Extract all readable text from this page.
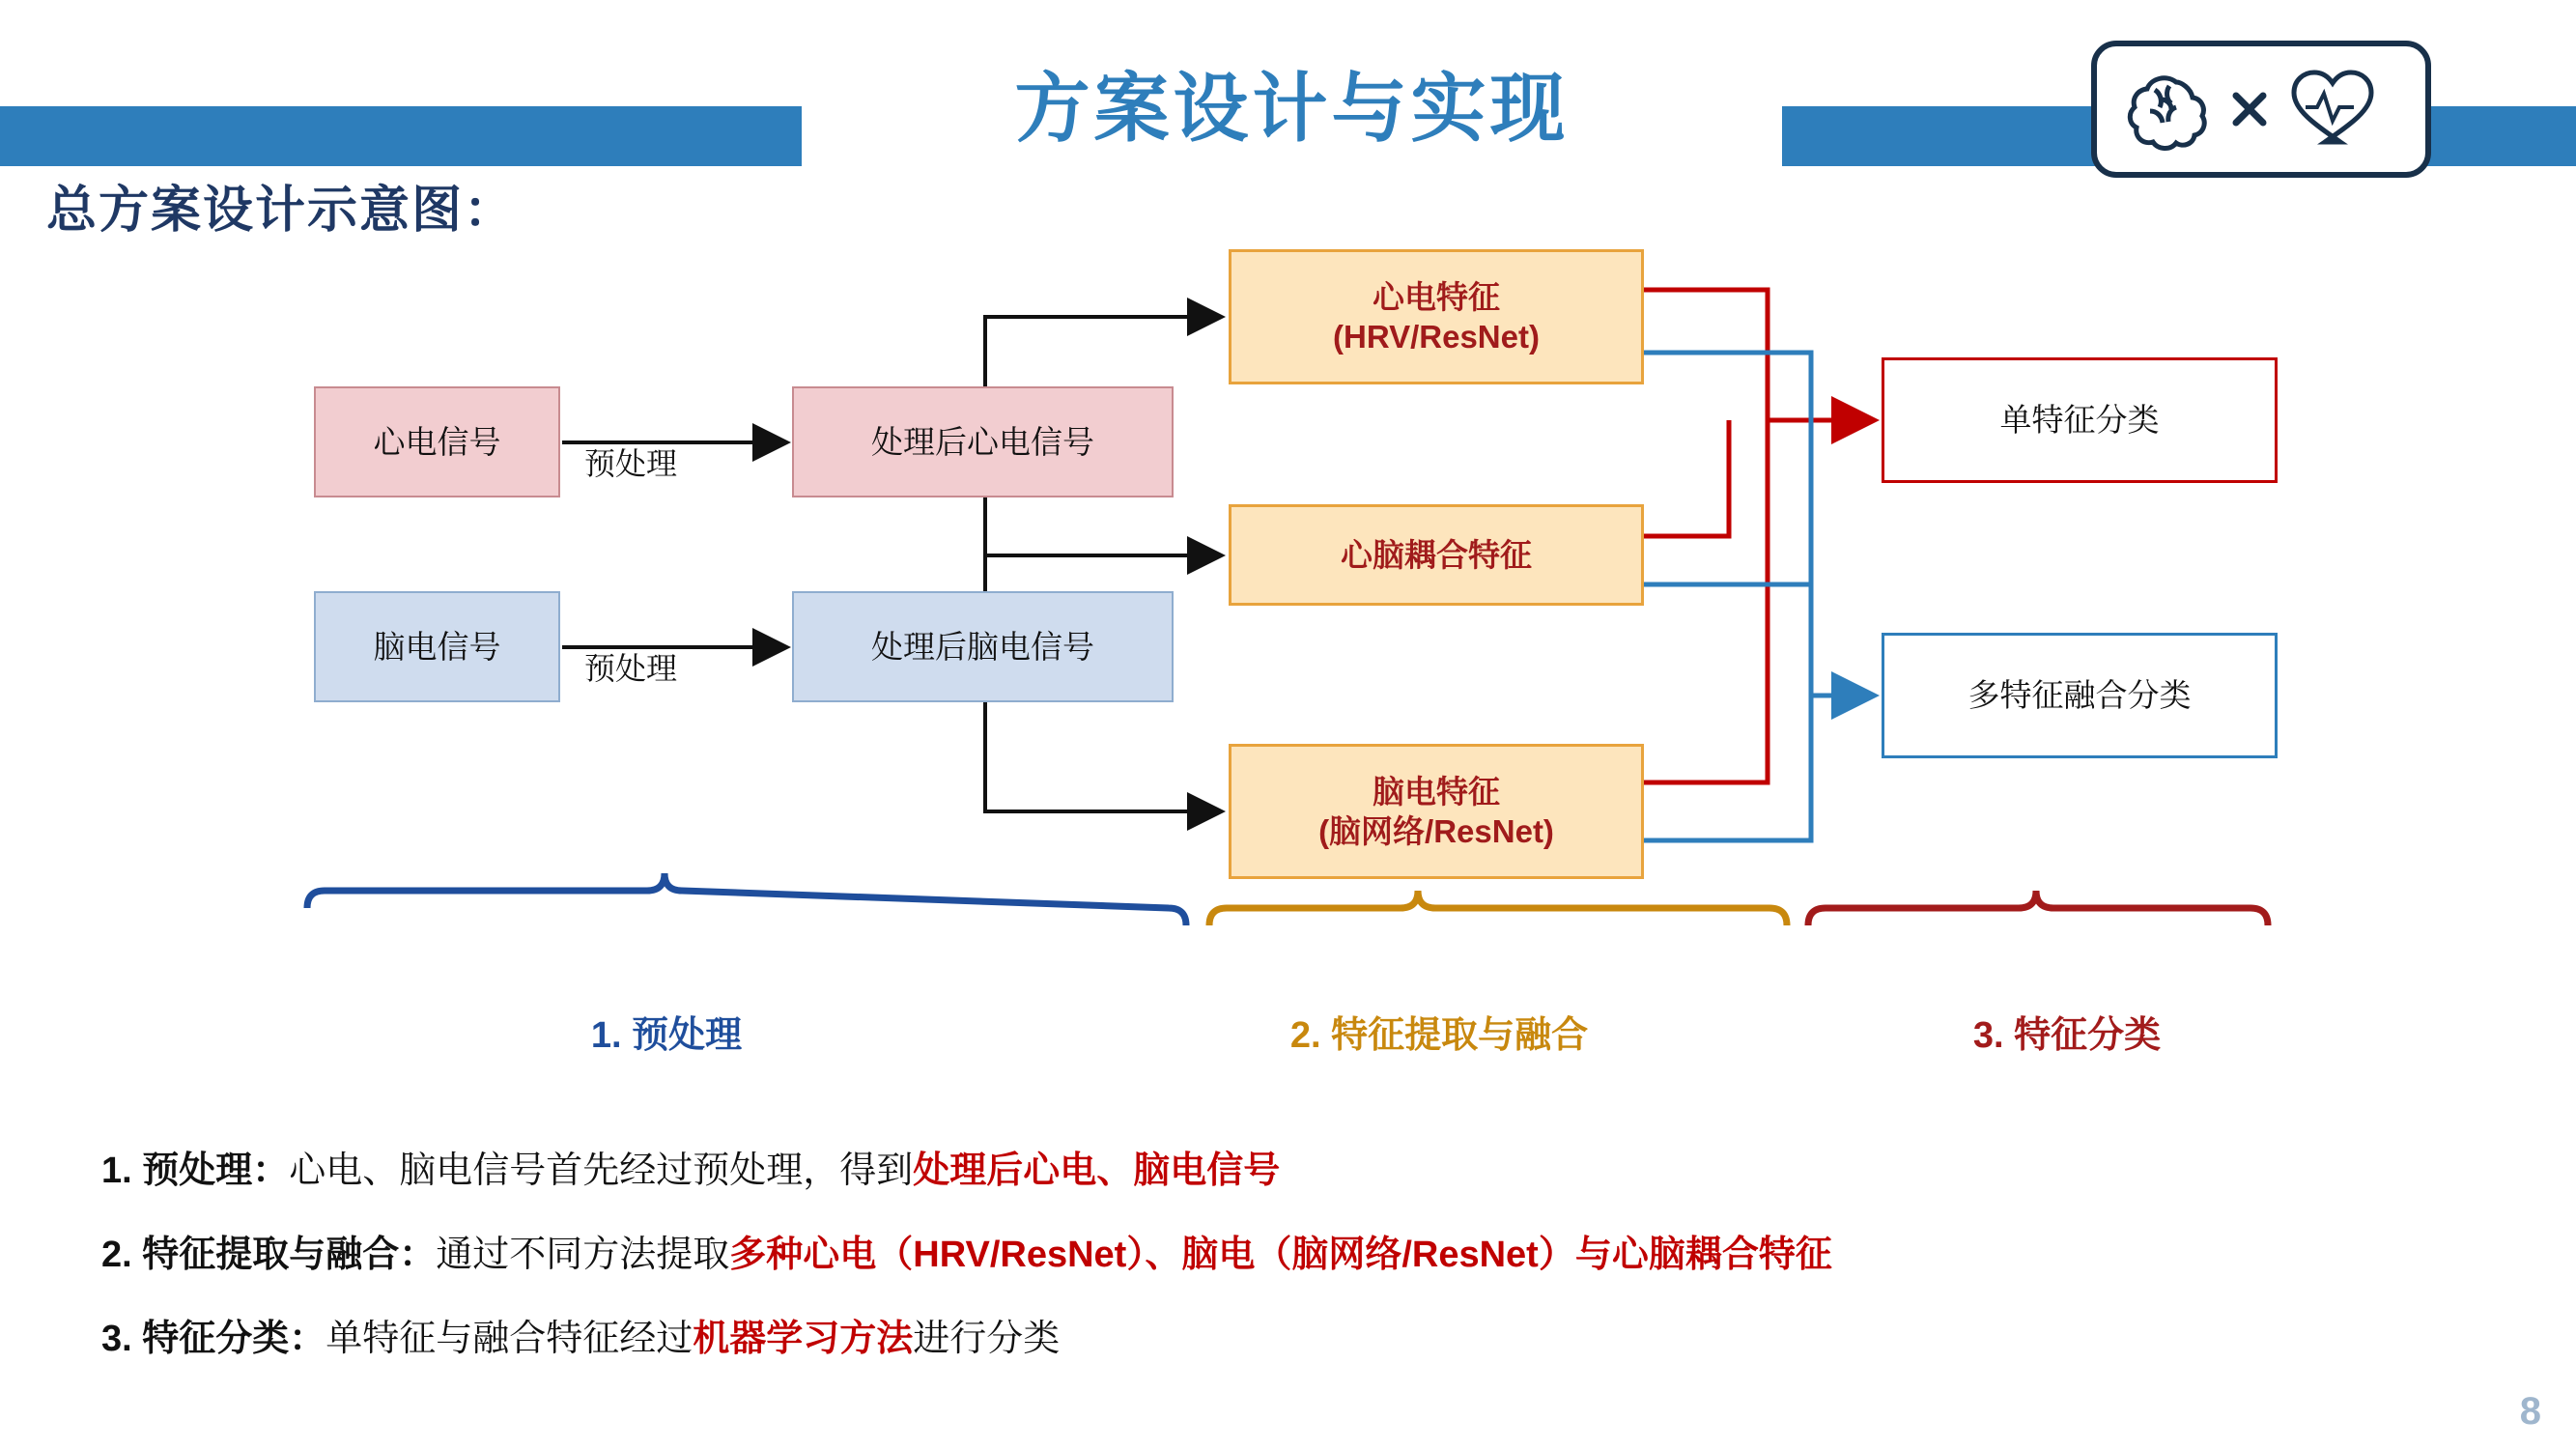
方案设计与实现
总方案设计示意图：
心电信号
脑电信号
预处理
预处理
处理后心电信号
处理后脑电信号
心电特征
(HRV/ResNet)
心脑耦合特征
脑电特征
(脑网络/ResNet)
单特征分类
多特征融合分类
1. 预处理	2. 特征提取与融合	3. 特征分类
1. 预处理：心电、脑电信号首先经过预处理，得到处理后心电、脑电信号
2. 特征提取与融合：通过不同方法提取多种心电（HRV/ResNet）、脑电（脑网络/ResNet）与心脑耦合特征
3. 特征分类：单特征与融合特征经过机器学习方法进行分类
8
